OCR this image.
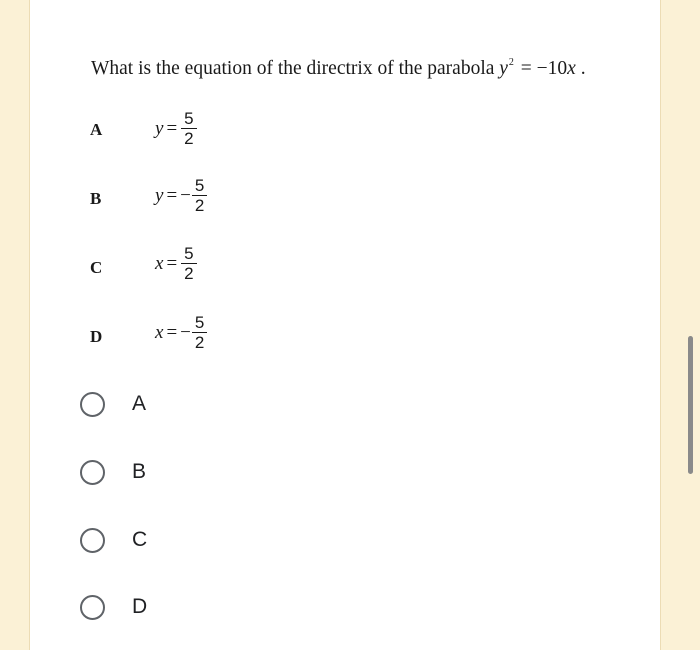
What is the equation of the directrix of the parabola $y^2 = -10x$ .
A	$y = \frac{5}{2}$
B	y = − $\frac{5}{2}$
C	$x = \frac{5}{2}$
D	x = − $\frac{5}{2}$
A
B
C
D
